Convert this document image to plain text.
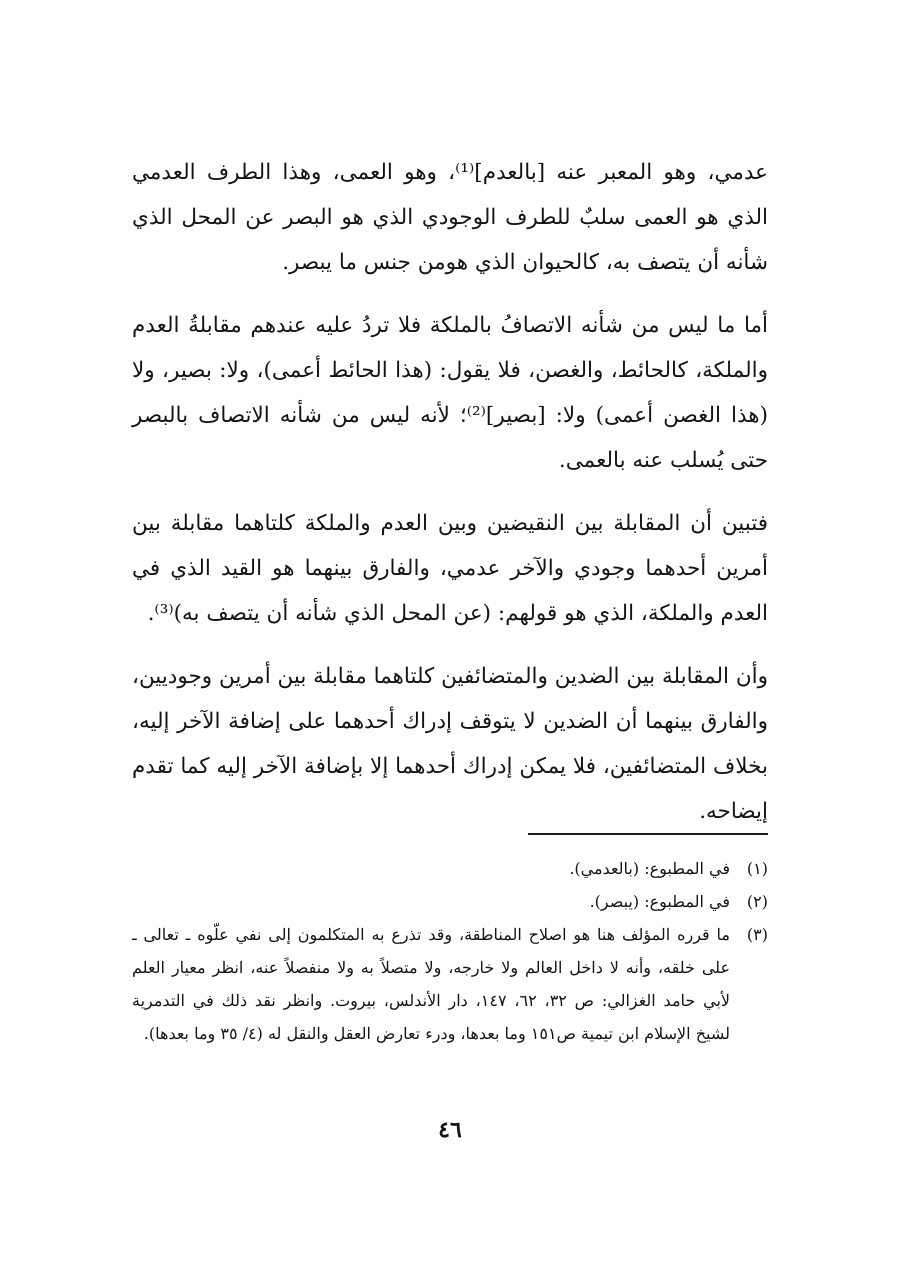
عدمي، وهو المعبر عنه [بالعدم]⁽¹⁾، وهو العمى، وهذا الطرف العدمي الذي هو العمى سلبٌ للطرف الوجودي الذي هو البصر عن المحل الذي شأنه أن يتصف به، كالحيوان الذي هومن جنس ما يبصر.

أما ما ليس من شأنه الاتصافُ بالملكة فلا تردُ عليه عندهم مقابلةُ العدم والملكة، كالحائط، والغصن، فلا يقول: (هذا الحائط أعمى)، ولا: بصير، ولا (هذا الغصن أعمى) ولا: [بصير]⁽²⁾؛ لأنه ليس من شأنه الاتصاف بالبصر حتى يُسلب عنه بالعمى.

فتبين أن المقابلة بين النقيضين وبين العدم والملكة كلتاهما مقابلة بين أمرين أحدهما وجودي والآخر عدمي، والفارق بينهما هو القيد الذي في العدم والملكة، الذي هو قولهم: (عن المحل الذي شأنه أن يتصف به)⁽³⁾.

وأن المقابلة بين الضدين والمتضائفين كلتاهما مقابلة بين أمرين وجوديين، والفارق بينهما أن الضدين لا يتوقف إدراك أحدهما على إضافة الآخر إليه، بخلاف المتضائفين، فلا يمكن إدراك أحدهما إلا بإضافة الآخر إليه كما تقدم إيضاحه.

(١)
في المطبوع: (بالعدمي).
(٢)
في المطبوع: (يبصر).
(٣)
ما قرره المؤلف هنا هو اصلاح المناطقة، وقد تذرع به المتكلمون إلى نفي علّوه ـ تعالى ـ على خلقه، وأنه لا داخل العالم ولا خارجه، ولا متصلاً به ولا منفصلاً عنه، انظر معيار العلم لأبي حامد الغزالي: ص ٣٢، ٦٢، ١٤٧، دار الأندلس، بيروت. وانظر نقد ذلك في التدمرية لشيخ الإسلام ابن تيمية ص١٥١ وما بعدها، ودرء تعارض العقل والنقل له (٤/ ٣٥ وما بعدها).
٤٦
